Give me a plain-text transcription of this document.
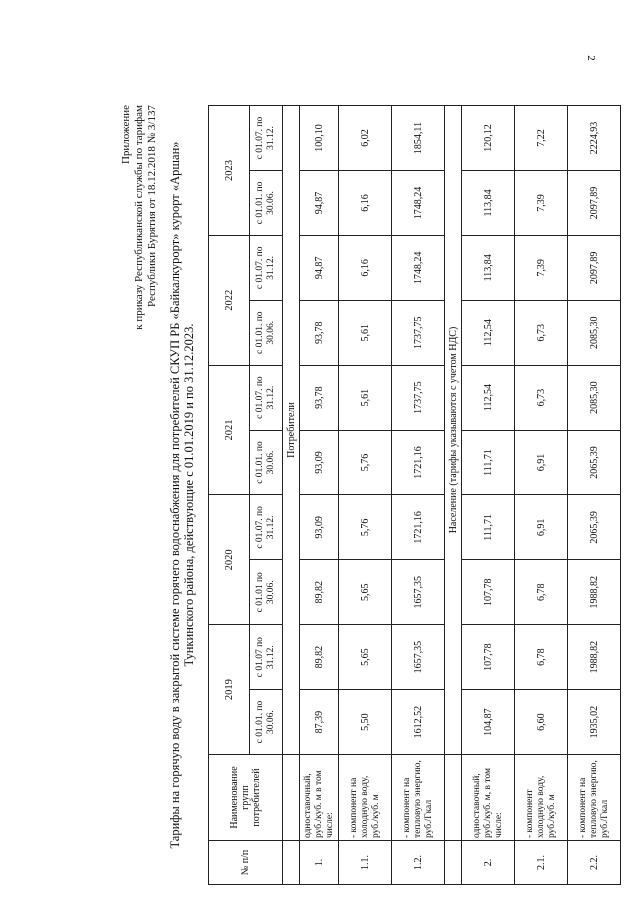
2
Приложение к приказу Республиканской службы по тарифам Республики Бурятия от 18.12.2018 № 3/137 Тарифы на горячую воду в закрытой системе горячего водоснабжения для потребителей СКУП РБ «Байкалкурорт» курорт «Аршан» Тункинского района, действующие с 01.01.2019 и по 31.12.2023.
№ п/п	Наименование групп потребителей	2019		2020		2021		2022		2023	
		с 01.01. по 30.06.	с 01.07 по 31.12.	с 01.01 по 30.06.	с 01.07. по 31.12.	с 01.01. по 30.06.	с 01.07. по 31.12.	с 01.01. по 30.06.	с 01.07. по 31.12.	с 01.01. по 30.06.	с 01.07. по 31.12.
		Потребители									
1.	одноставочный, руб./куб. м в том числе:	87,39	89,82	89,82	93,09	93,09	93,78	93,78	94,87	94,87	100,10
1.1.	- компонент на холодную воду, руб./куб. м	5,50	5,65	5,65	5,76	5,76	5,61	5,61	6,16	6,16	6,02
1.2.	- компонент на тепловую энергию, руб./Гкал	1612,52	1657,35	1657,35	1721,16	1721,16	1737,75	1737,75	1748,24	1748,24	1854,11
		Население (тарифы указываются с учетом НДС)									
2.	одноставочный, руб./куб. м, в том числе:	104,87	107,78	107,78	111,71	111,71	112,54	112,54	113,84	113,84	120,12
2.1.	- компонент холодную воду, руб./куб. м	6,60	6,78	6,78	6,91	6,91	6,73	6,73	7,39	7,39	7,22
2.2.	- компонент на тепловую энергию, руб./Гкал	1935,02	1988,82	1988,82	2065,39	2065,39	2085,30	2085,30	2097,89	2097,89	2224,93
